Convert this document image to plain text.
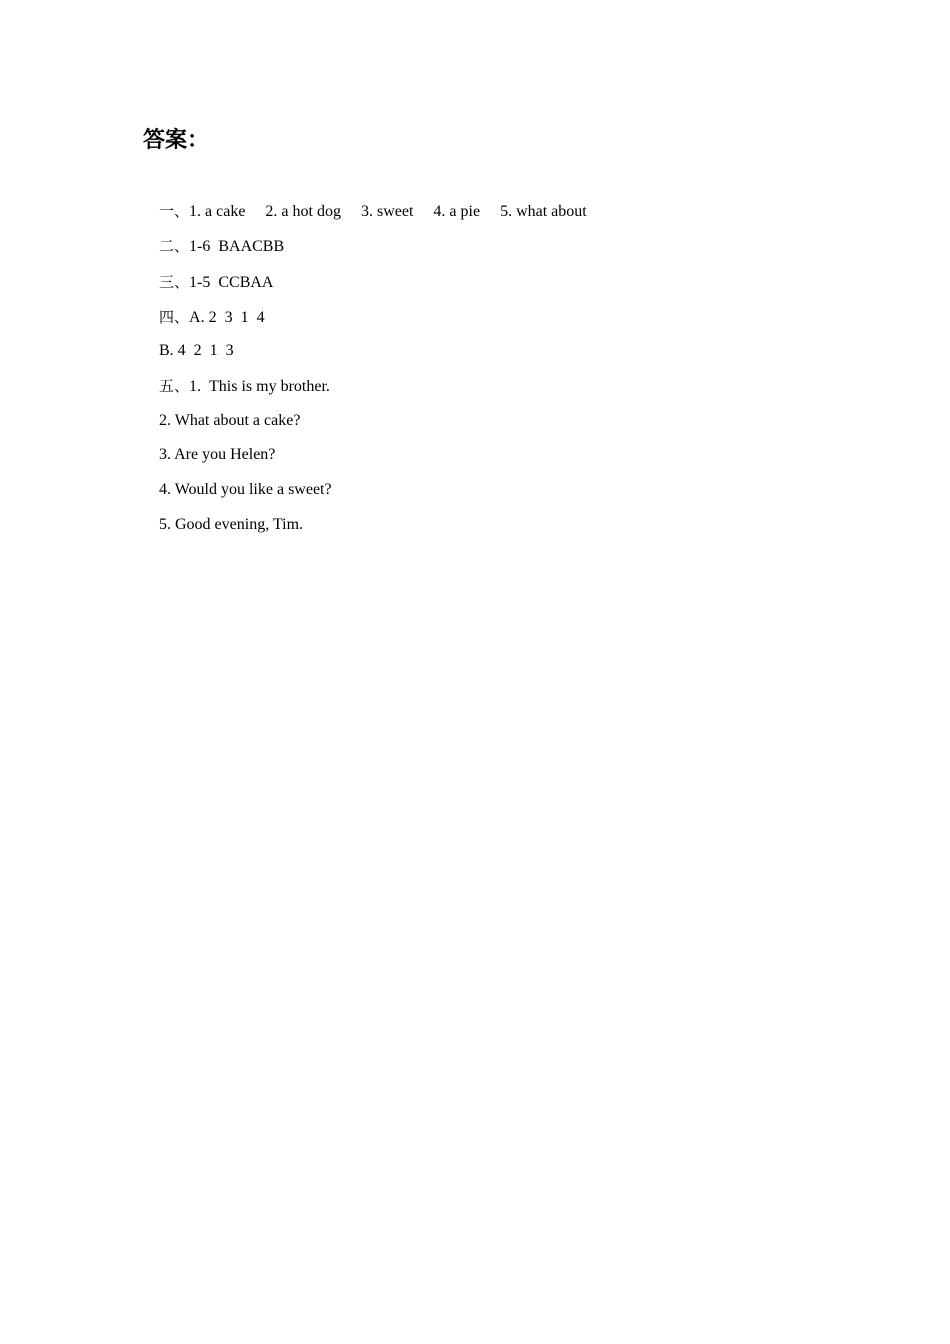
答案：

一、1. a cake 2. a hot dog 3. sweet 4. a pie 5. what about

二、1-6  BAACBB

三、1-5  CCBAA

四、A. 2  3  1  4

B. 4  2  1  3

五、1.  This is my brother.

2. What about a cake?

3. Are you Helen?

4. Would you like a sweet?

5. Good evening, Tim.
